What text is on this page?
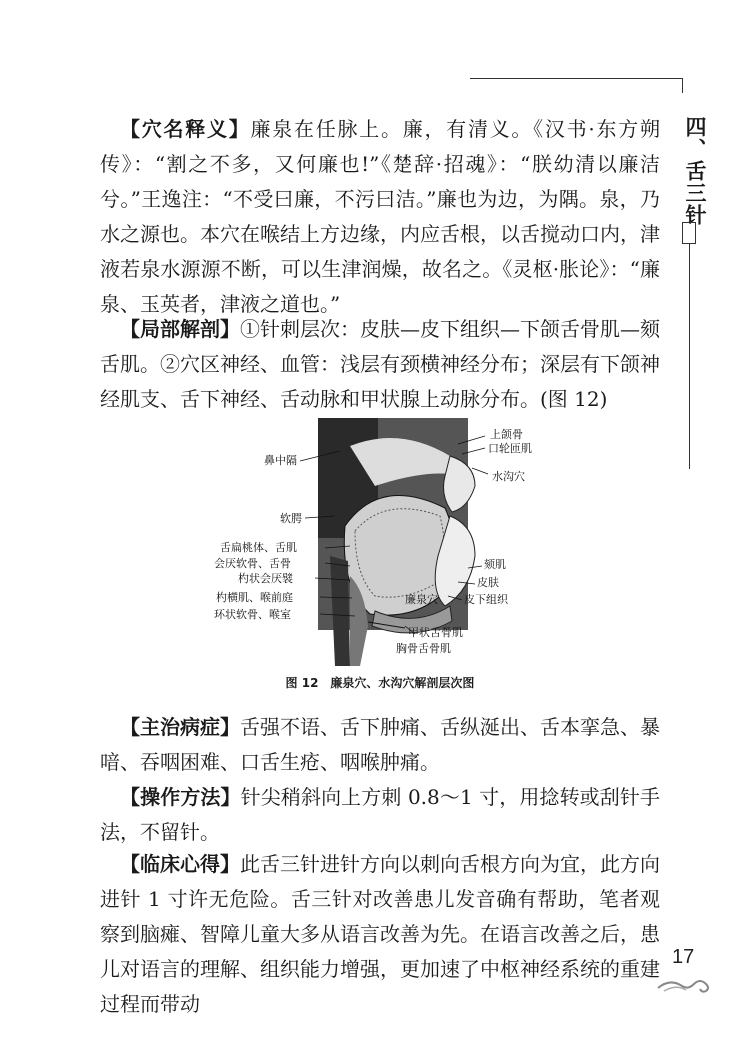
四、舌三针

【穴名释义】廉泉在任脉上。廉，有清义。《汉书·东方朔传》：“割之不多，又何廉也!”《楚辞·招魂》：“朕幼清以廉洁兮。”王逸注：“不受曰廉，不污曰洁。”廉也为边，为隅。泉，乃水之源也。本穴在喉结上方边缘，内应舌根，以舌搅动口内，津液若泉水源源不断，可以生津润燥，故名之。《灵枢·胀论》：“廉泉、玉英者，津液之道也。”

【局部解剖】①针刺层次：皮肤—皮下组织—下颌舌骨肌—颏舌肌。②穴区神经、血管：浅层有颈横神经分布；深层有下颌神经肌支、舌下神经、舌动脉和甲状腺上动脉分布。(图 12)

上颌骨
口轮匝肌
鼻中隔
水沟穴
软腭
舌扁桃体、舌肌
会厌软骨、舌骨
杓状会厌襞
颏肌
皮肤
杓横肌、喉前庭	皮下组织
廉泉穴
环状软骨、喉室
甲状舌骨肌
胸骨舌骨肌
图 12　廉泉穴、水沟穴解剖层次图

【主治病症】舌强不语、舌下肿痛、舌纵涎出、舌本挛急、暴喑、吞咽困难、口舌生疮、咽喉肿痛。

【操作方法】针尖稍斜向上方刺 0.8～1 寸，用捻转或刮针手法，不留针。

【临床心得】此舌三针进针方向以刺向舌根方向为宜，此方向进针 1 寸许无危险。舌三针对改善患儿发音确有帮助，笔者观察到脑瘫、智障儿童大多从语言改善为先。在语言改善之后，患儿对语言的理解、组织能力增强，更加速了中枢神经系统的重建过程而带动

17
